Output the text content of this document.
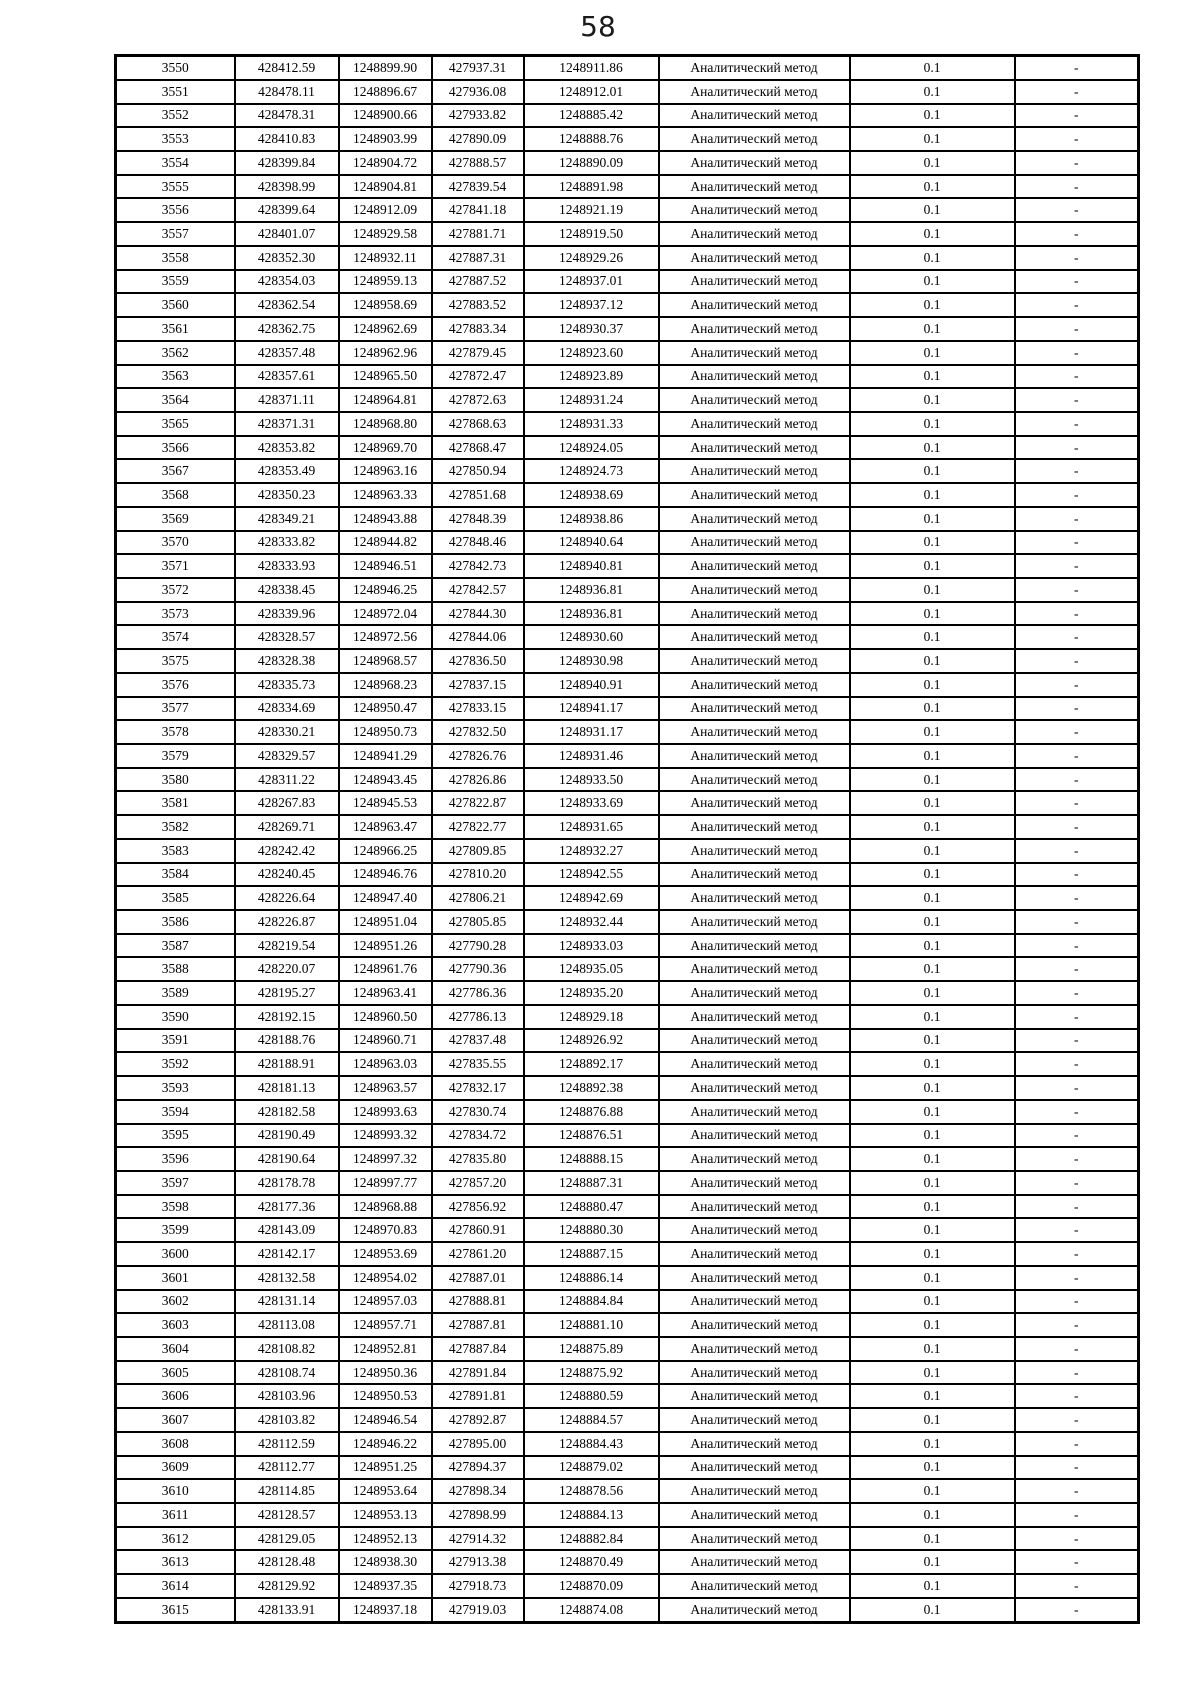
58
3550	428412.59	1248899.90	427937.31	1248911.86	Аналитический метод	0.1	-
3551	428478.11	1248896.67	427936.08	1248912.01	Аналитический метод	0.1	-
3552	428478.31	1248900.66	427933.82	1248885.42	Аналитический метод	0.1	-
3553	428410.83	1248903.99	427890.09	1248888.76	Аналитический метод	0.1	-
3554	428399.84	1248904.72	427888.57	1248890.09	Аналитический метод	0.1	-
3555	428398.99	1248904.81	427839.54	1248891.98	Аналитический метод	0.1	-
3556	428399.64	1248912.09	427841.18	1248921.19	Аналитический метод	0.1	-
3557	428401.07	1248929.58	427881.71	1248919.50	Аналитический метод	0.1	-
3558	428352.30	1248932.11	427887.31	1248929.26	Аналитический метод	0.1	-
3559	428354.03	1248959.13	427887.52	1248937.01	Аналитический метод	0.1	-
3560	428362.54	1248958.69	427883.52	1248937.12	Аналитический метод	0.1	-
3561	428362.75	1248962.69	427883.34	1248930.37	Аналитический метод	0.1	-
3562	428357.48	1248962.96	427879.45	1248923.60	Аналитический метод	0.1	-
3563	428357.61	1248965.50	427872.47	1248923.89	Аналитический метод	0.1	-
3564	428371.11	1248964.81	427872.63	1248931.24	Аналитический метод	0.1	-
3565	428371.31	1248968.80	427868.63	1248931.33	Аналитический метод	0.1	-
3566	428353.82	1248969.70	427868.47	1248924.05	Аналитический метод	0.1	-
3567	428353.49	1248963.16	427850.94	1248924.73	Аналитический метод	0.1	-
3568	428350.23	1248963.33	427851.68	1248938.69	Аналитический метод	0.1	-
3569	428349.21	1248943.88	427848.39	1248938.86	Аналитический метод	0.1	-
3570	428333.82	1248944.82	427848.46	1248940.64	Аналитический метод	0.1	-
3571	428333.93	1248946.51	427842.73	1248940.81	Аналитический метод	0.1	-
3572	428338.45	1248946.25	427842.57	1248936.81	Аналитический метод	0.1	-
3573	428339.96	1248972.04	427844.30	1248936.81	Аналитический метод	0.1	-
3574	428328.57	1248972.56	427844.06	1248930.60	Аналитический метод	0.1	-
3575	428328.38	1248968.57	427836.50	1248930.98	Аналитический метод	0.1	-
3576	428335.73	1248968.23	427837.15	1248940.91	Аналитический метод	0.1	-
3577	428334.69	1248950.47	427833.15	1248941.17	Аналитический метод	0.1	-
3578	428330.21	1248950.73	427832.50	1248931.17	Аналитический метод	0.1	-
3579	428329.57	1248941.29	427826.76	1248931.46	Аналитический метод	0.1	-
3580	428311.22	1248943.45	427826.86	1248933.50	Аналитический метод	0.1	-
3581	428267.83	1248945.53	427822.87	1248933.69	Аналитический метод	0.1	-
3582	428269.71	1248963.47	427822.77	1248931.65	Аналитический метод	0.1	-
3583	428242.42	1248966.25	427809.85	1248932.27	Аналитический метод	0.1	-
3584	428240.45	1248946.76	427810.20	1248942.55	Аналитический метод	0.1	-
3585	428226.64	1248947.40	427806.21	1248942.69	Аналитический метод	0.1	-
3586	428226.87	1248951.04	427805.85	1248932.44	Аналитический метод	0.1	-
3587	428219.54	1248951.26	427790.28	1248933.03	Аналитический метод	0.1	-
3588	428220.07	1248961.76	427790.36	1248935.05	Аналитический метод	0.1	-
3589	428195.27	1248963.41	427786.36	1248935.20	Аналитический метод	0.1	-
3590	428192.15	1248960.50	427786.13	1248929.18	Аналитический метод	0.1	-
3591	428188.76	1248960.71	427837.48	1248926.92	Аналитический метод	0.1	-
3592	428188.91	1248963.03	427835.55	1248892.17	Аналитический метод	0.1	-
3593	428181.13	1248963.57	427832.17	1248892.38	Аналитический метод	0.1	-
3594	428182.58	1248993.63	427830.74	1248876.88	Аналитический метод	0.1	-
3595	428190.49	1248993.32	427834.72	1248876.51	Аналитический метод	0.1	-
3596	428190.64	1248997.32	427835.80	1248888.15	Аналитический метод	0.1	-
3597	428178.78	1248997.77	427857.20	1248887.31	Аналитический метод	0.1	-
3598	428177.36	1248968.88	427856.92	1248880.47	Аналитический метод	0.1	-
3599	428143.09	1248970.83	427860.91	1248880.30	Аналитический метод	0.1	-
3600	428142.17	1248953.69	427861.20	1248887.15	Аналитический метод	0.1	-
3601	428132.58	1248954.02	427887.01	1248886.14	Аналитический метод	0.1	-
3602	428131.14	1248957.03	427888.81	1248884.84	Аналитический метод	0.1	-
3603	428113.08	1248957.71	427887.81	1248881.10	Аналитический метод	0.1	-
3604	428108.82	1248952.81	427887.84	1248875.89	Аналитический метод	0.1	-
3605	428108.74	1248950.36	427891.84	1248875.92	Аналитический метод	0.1	-
3606	428103.96	1248950.53	427891.81	1248880.59	Аналитический метод	0.1	-
3607	428103.82	1248946.54	427892.87	1248884.57	Аналитический метод	0.1	-
3608	428112.59	1248946.22	427895.00	1248884.43	Аналитический метод	0.1	-
3609	428112.77	1248951.25	427894.37	1248879.02	Аналитический метод	0.1	-
3610	428114.85	1248953.64	427898.34	1248878.56	Аналитический метод	0.1	-
3611	428128.57	1248953.13	427898.99	1248884.13	Аналитический метод	0.1	-
3612	428129.05	1248952.13	427914.32	1248882.84	Аналитический метод	0.1	-
3613	428128.48	1248938.30	427913.38	1248870.49	Аналитический метод	0.1	-
3614	428129.92	1248937.35	427918.73	1248870.09	Аналитический метод	0.1	-
3615	428133.91	1248937.18	427919.03	1248874.08	Аналитический метод	0.1	-
